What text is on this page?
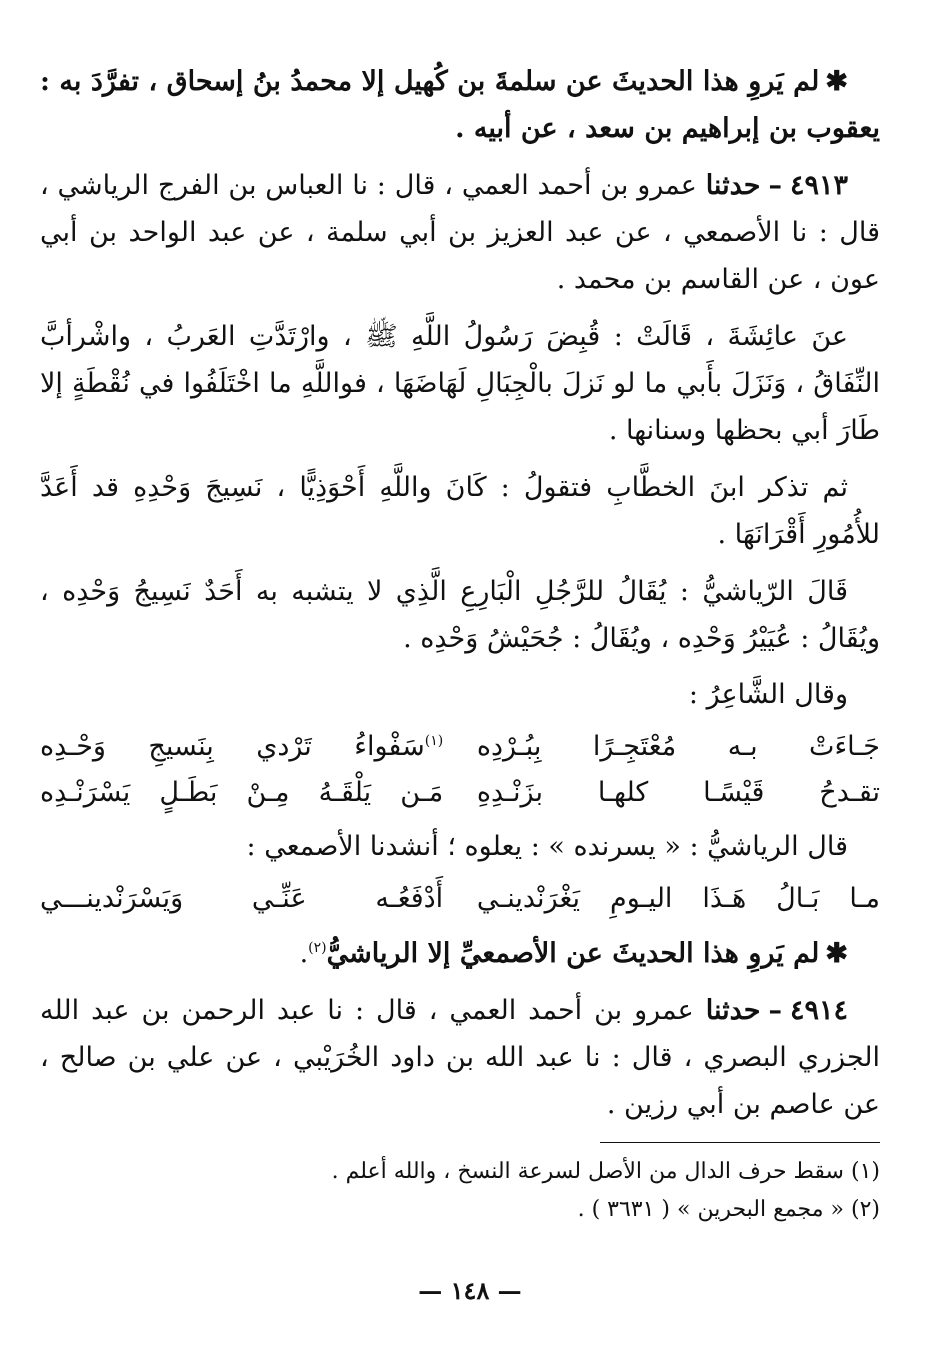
✱لم يَروِ هذا الحديثَ عن سلمةَ بن كُهيل إلا محمدُ بنُ إسحاق ، تفرَّدَ به : يعقوب بن إبراهيم بن سعد ، عن أبيه .

٤٩١٣–حدثنا عمرو بن أحمد العمي ، قال : نا العباس بن الفرج الرياشي ، قال : نا الأصمعي ، عن عبد العزيز بن أبي سلمة ، عن عبد الواحد بن أبي عون ، عن القاسم بن محمد .

عنَ عائِشَةَ ، قَالَتْ : قُبِضَ رَسُولُ اللَّهِ ﷺ ، وارْتَدَّتِ العَربُ ، واشْرأبَّ النِّفَاقُ ، وَنَزَلَ بأَبي ما لو نَزلَ بالْجِبَالِ لَهَاضَهَا ، فواللَّهِ ما اخْتَلَفُوا في نُقْطَةٍ إلا طَارَ أبي بحظها وسنانها .

ثم تذكر ابنَ الخطَّابِ فتقولُ : كَانَ واللَّهِ أَحْوَذِيًّا ، نَسِيجَ وَحْدِهِ قد أَعَدَّ للأُمُورِ أَقْرَانَهَا .

قَالَ الرّياشيُّ : يُقَالُ للرَّجُلِ الْبَارِعِ الَّذِي لا يتشبه به أَحَدٌ نَسِيجُ وَحْدِه ، ويُقَالُ : عُيَيْرُ وَحْدِه ، ويُقَالُ : جُحَيْشُ وَحْدِه .

وقال الشَّاعِرُ :

جَـاءَتْ بـه مُعْتَجِـرًا بِبُـرْدِه
$^{(١)}$سَفْواءُ تَرْدي بِنَسيجِ وَحْـدِه
تقـدحُ قَيْسًـا كلهـا بزَنْـدِهِ
مَـن يَلْقَـهُ مِـنْ بَطَـلٍ يَسْرَنْـدِه

قال الرياشيُّ : « يسرنده » : يعلوه ؛ أنشدنا الأصمعي :

مـا بَـالُ هَـذَا اليـومِ يَغْرَنْدينـي
أَدْفَعُـه عَنِّـي وَيَسْرَنْدينـــي

✱لم يَروِ هذا الحديثَ عن الأصمعيِّ إلا الرياشيُّ$^{(٢)}$.

٤٩١٤–حدثنا عمرو بن أحمد العمي ، قال : نا عبد الرحمن بن عبد الله الجزري البصري ، قال : نا عبد الله بن داود الخُرَيْبي ، عن علي بن صالح ، عن عاصم بن أبي رزين .

(١) سقط حرف الدال من الأصل لسرعة النسخ ، والله أعلم .
(٢) « مجمع البحرين » ( ٣٦٣١ ) .
— ١٤٨ —
